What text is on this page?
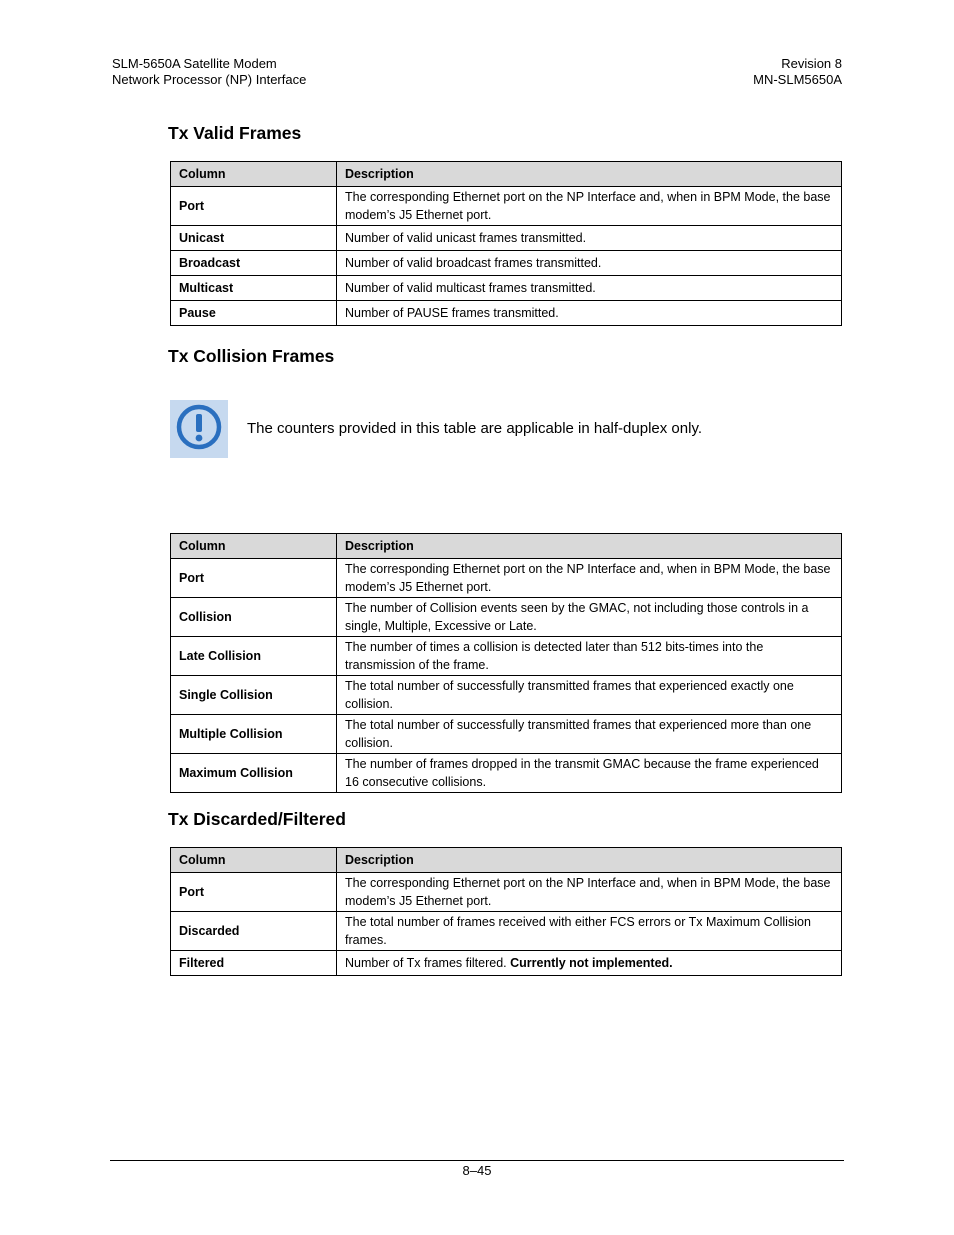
SLM-5650A Satellite Modem
Network Processor (NP) Interface
Revision 8
MN-SLM5650A
Tx Valid Frames
Column	Description
Port	The corresponding Ethernet port on the NP Interface and, when in BPM Mode, the base modem’s J5 Ethernet port.
Unicast	Number of valid unicast frames transmitted.
Broadcast	Number of valid broadcast frames transmitted.
Multicast	Number of valid multicast frames transmitted.
Pause	Number of PAUSE frames transmitted.
Tx Collision Frames
The counters provided in this table are applicable in half-duplex only.
Column	Description
Port	The corresponding Ethernet port on the NP Interface and, when in BPM Mode, the base modem’s J5 Ethernet port.
Collision	The number of Collision events seen by the GMAC, not including those controls in a single, Multiple, Excessive or Late.
Late Collision	The number of times a collision is detected later than 512 bits-times into the transmission of the frame.
Single Collision	The total number of successfully transmitted frames that experienced exactly one collision.
Multiple Collision	The total number of successfully transmitted frames that experienced more than one collision.
Maximum Collision	The number of frames dropped in the transmit GMAC because the frame experienced 16 consecutive collisions.
Tx Discarded/Filtered
Column	Description
Port	The corresponding Ethernet port on the NP Interface and, when in BPM Mode, the base modem’s J5 Ethernet port.
Discarded	The total number of frames received with either FCS errors or Tx Maximum Collision frames.
Filtered	Number of Tx frames filtered. Currently not implemented.
8–45
